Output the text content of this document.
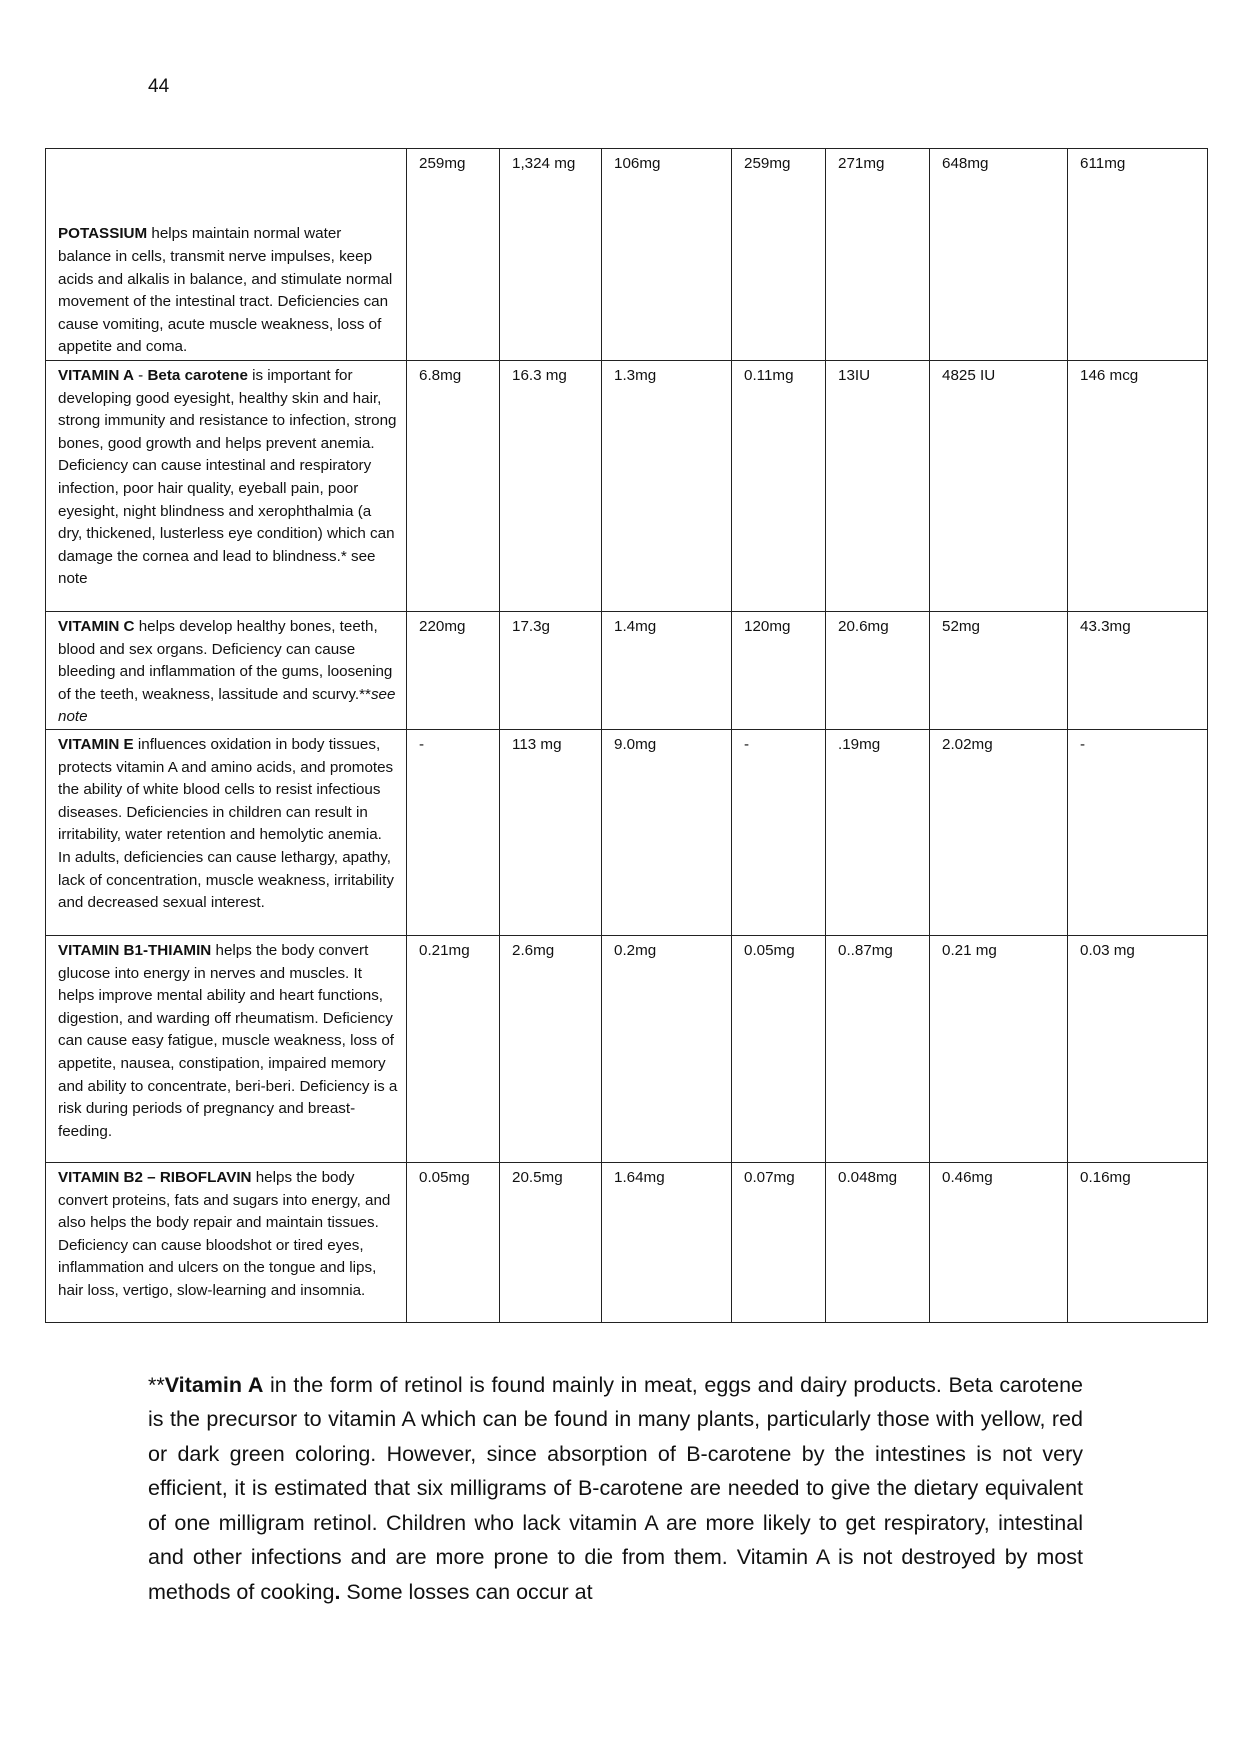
44
POTASSIUM helps maintain normal water balance in cells, transmit nerve impulses, keep acids and alkalis in balance, and stimulate normal movement of the intestinal tract. Deficiencies can cause vomiting, acute muscle weakness, loss of appetite and coma.	259mg	1,324 mg	106mg	259mg	271mg	648mg	611mg
VITAMIN A - Beta carotene is important for developing good eyesight, healthy skin and hair, strong immunity and resistance to infection, strong bones, good growth and helps prevent anemia. Deficiency can cause intestinal and respiratory infection, poor hair quality, eyeball pain, poor eyesight, night blindness and xerophthalmia (a dry, thickened, lusterless eye condition) which can damage the cornea and lead to blindness.* see note	6.8mg	16.3 mg	1.3mg	0.11mg	13IU	4825 IU	146 mcg
VITAMIN C helps develop healthy bones, teeth, blood and sex organs. Deficiency can cause bleeding and inflammation of the gums, loosening of the teeth, weakness, lassitude and scurvy.**see note	220mg	17.3g	1.4mg	120mg	20.6mg	52mg	43.3mg
VITAMIN E influences oxidation in body tissues, protects vitamin A and amino acids, and promotes the ability of white blood cells to resist infectious diseases. Deficiencies in children can result in irritability, water retention and hemolytic anemia. In adults, deficiencies can cause lethargy, apathy, lack of concentration, muscle weakness, irritability and decreased sexual interest.	-	113 mg	9.0mg	-	.19mg	2.02mg	-
VITAMIN B1-THIAMIN helps the body convert glucose into energy in nerves and muscles. It helps improve mental ability and heart functions, digestion, and warding off rheumatism. Deficiency can cause easy fatigue, muscle weakness, loss of appetite, nausea, constipation, impaired memory and ability to concentrate, beri-beri. Deficiency is a risk during periods of pregnancy and breast-feeding.	0.21mg	2.6mg	0.2mg	0.05mg	0..87mg	0.21 mg	0.03 mg
VITAMIN B2 – RIBOFLAVIN helps the body convert proteins, fats and sugars into energy, and also helps the body repair and maintain tissues. Deficiency can cause bloodshot or tired eyes, inflammation and ulcers on the tongue and lips, hair loss, vertigo, slow-learning and insomnia.	0.05mg	20.5mg	1.64mg	0.07mg	0.048mg	0.46mg	0.16mg

**Vitamin A in the form of retinol is found mainly in meat, eggs and dairy products. Beta carotene is the precursor to vitamin A which can be found in many plants, particularly those with yellow, red or dark green coloring. However, since absorption of B-carotene by the intestines is not very efficient, it is estimated that six milligrams of B-carotene are needed to give the dietary equivalent of one milligram retinol. Children who lack vitamin A are more likely to get respiratory, intestinal and other infections and are more prone to die from them. Vitamin A is not destroyed by most methods of cooking. Some losses can occur at
